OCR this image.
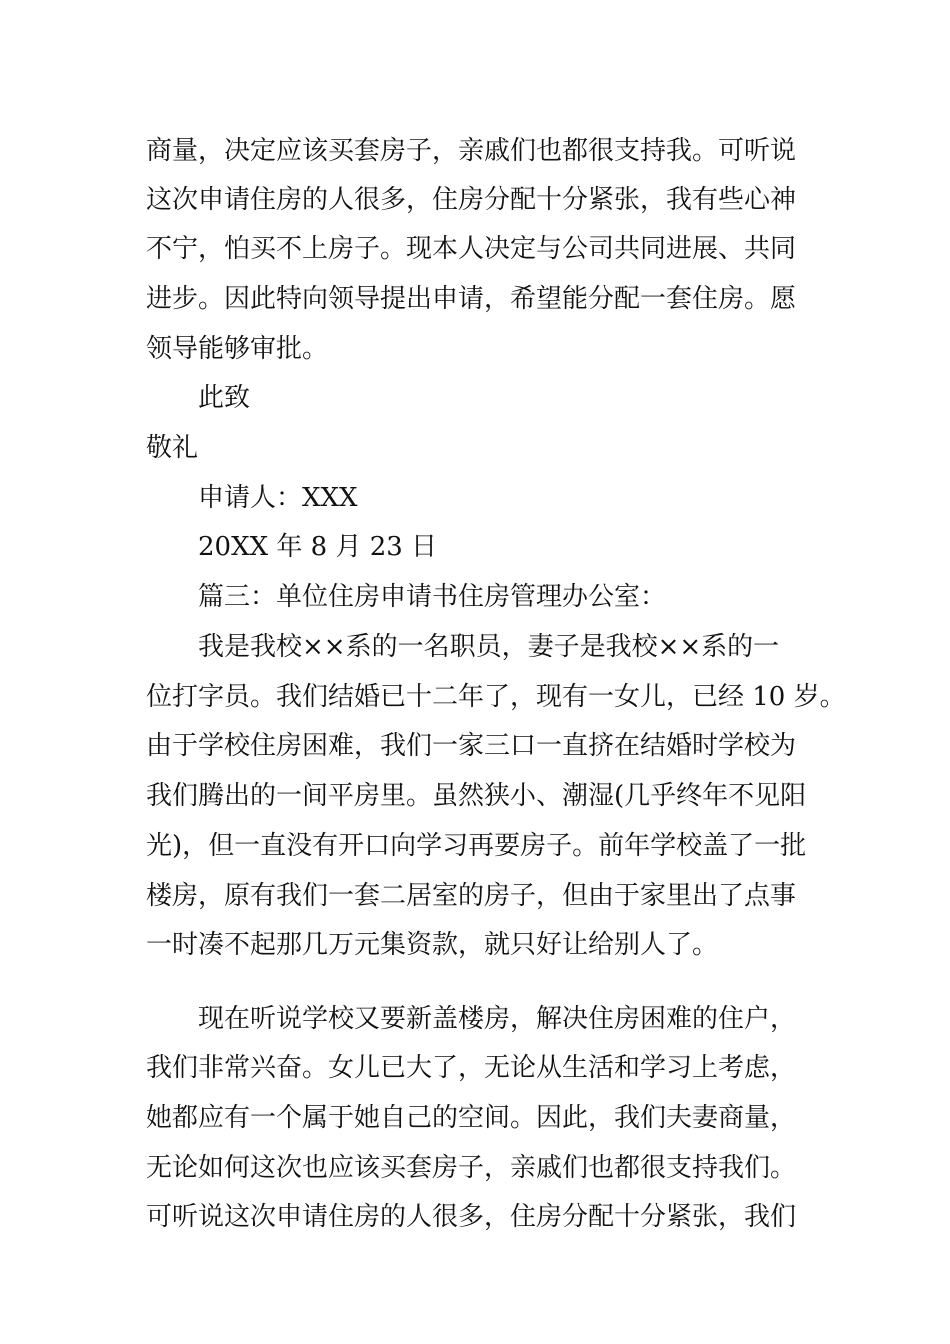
商量，决定应该买套房子，亲戚们也都很支持我。可听说
这次申请住房的人很多，住房分配十分紧张，我有些心神
不宁，怕买不上房子。现本人决定与公司共同进展、共同
进步。因此特向领导提出申请，希望能分配一套住房。愿
领导能够审批。
此致
敬礼
申请人：XXX
20XX 年 8 月 23 日
篇三：单位住房申请书住房管理办公室：
我是我校××系的一名职员，妻子是我校××系的一
位打字员。我们结婚已十二年了，现有一女儿，已经 10 岁。
由于学校住房困难，我们一家三口一直挤在结婚时学校为
我们腾出的一间平房里。虽然狭小、潮湿(几乎终年不见阳
光)，但一直没有开口向学习再要房子。前年学校盖了一批
楼房，原有我们一套二居室的房子，但由于家里出了点事
一时凑不起那几万元集资款，就只好让给别人了。
现在听说学校又要新盖楼房，解决住房困难的住户，
我们非常兴奋。女儿已大了，无论从生活和学习上考虑，
她都应有一个属于她自己的空间。因此，我们夫妻商量，
无论如何这次也应该买套房子，亲戚们也都很支持我们。
可听说这次申请住房的人很多，住房分配十分紧张，我们
